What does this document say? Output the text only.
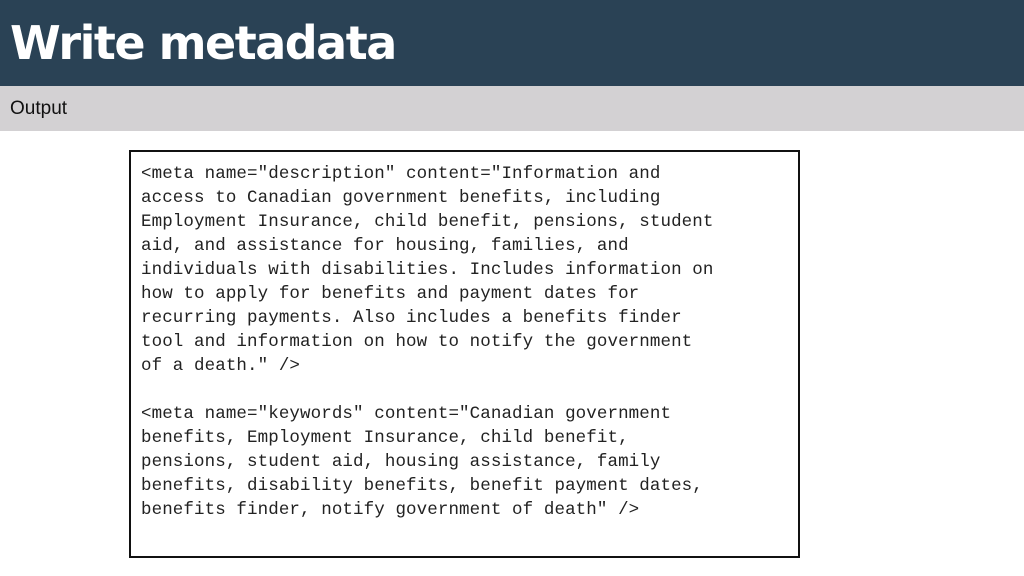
Write metadata
Output
<meta name="description" content="Information and
access to Canadian government benefits, including
Employment Insurance, child benefit, pensions, student
aid, and assistance for housing, families, and
individuals with disabilities. Includes information on
how to apply for benefits and payment dates for
recurring payments. Also includes a benefits finder
tool and information on how to notify the government
of a death." />
<meta name="keywords" content="Canadian government
benefits, Employment Insurance, child benefit,
pensions, student aid, housing assistance, family
benefits, disability benefits, benefit payment dates,
benefits finder, notify government of death" />
